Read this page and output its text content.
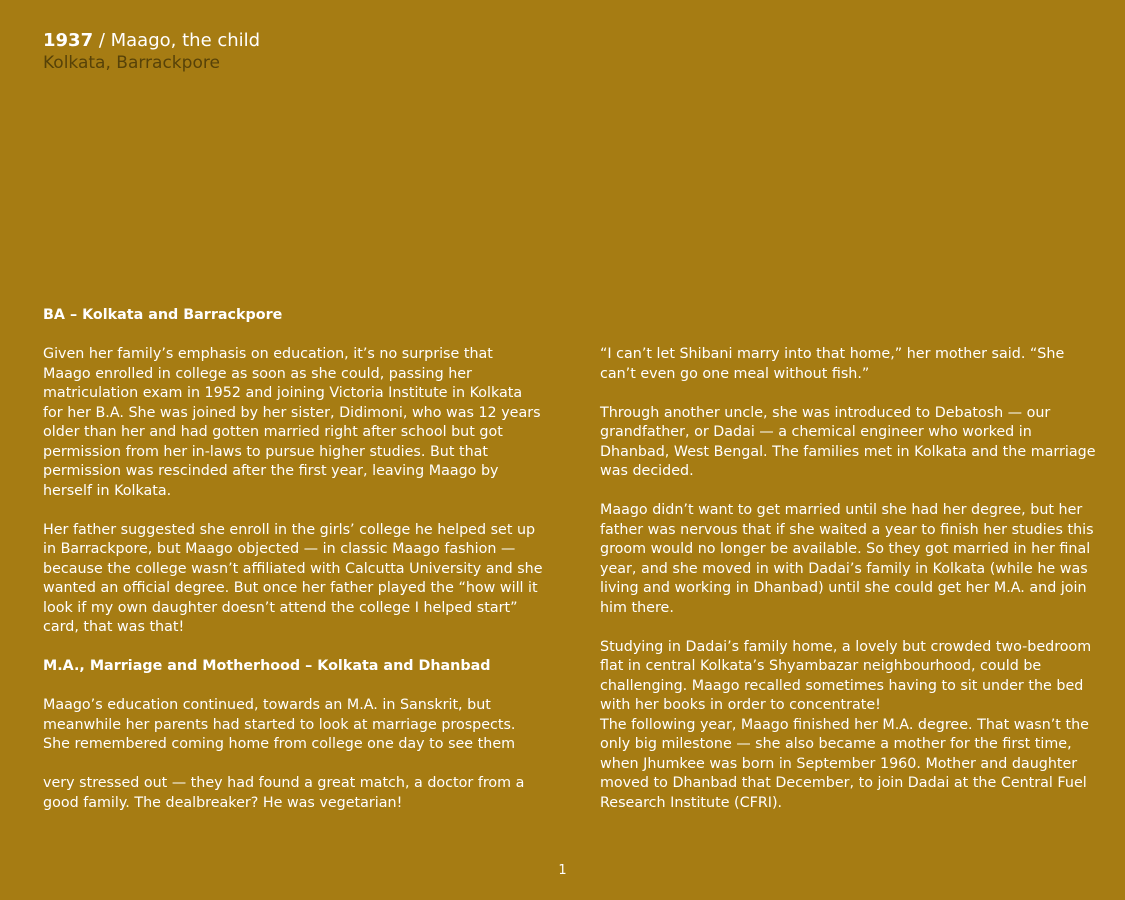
1937 / Maago, the child
Kolkata, Barrackpore
BA – Kolkata and Barrackpore

Given her family’s emphasis on education, it’s no surprise that Maago enrolled in college as soon as she could, passing her matriculation exam in 1952 and joining Victoria Institute in Kolkata for her B.A. She was joined by her sister, Didimoni, who was 12 years older than her and had gotten married right after school but got permission from her in-laws to pursue higher studies. But that permission was rescinded after the first year, leaving Maago by herself in Kolkata.

Her father suggested she enroll in the girls’ college he helped set up in Barrackpore, but Maago objected — in classic Maago fashion — because the college wasn’t affiliated with Calcutta University and she wanted an official degree. But once her father played the “how will it look if my own daughter doesn’t attend the college I helped start” card, that was that!

M.A., Marriage and Motherhood – Kolkata and Dhanbad

Maago’s education continued, towards an M.A. in Sanskrit, but meanwhile her parents had started to look at marriage prospects. She remembered coming home from college one day to see them

very stressed out — they had found a great match, a doctor from a good family. The dealbreaker? He was vegetarian!

“I can’t let Shibani marry into that home,” her mother said. “She can’t even go one meal without fish.”

Through another uncle, she was introduced to Debatosh — our grandfather, or Dadai — a chemical engineer who worked in Dhanbad, West Bengal. The families met in Kolkata and the marriage was decided.

Maago didn’t want to get married until she had her degree, but her father was nervous that if she waited a year to finish her studies this groom would no longer be available. So they got married in her final year, and she moved in with Dadai’s family in Kolkata (while he was living and working in Dhanbad) until she could get her M.A. and join him there.

Studying in Dadai’s family home, a lovely but crowded two-bedroom flat in central Kolkata’s Shyambazar neighbourhood, could be challenging. Maago recalled sometimes having to sit under the bed with her books in order to concentrate!

The following year, Maago finished her M.A. degree. That wasn’t the only big milestone — she also became a mother for the first time, when Jhumkee was born in September 1960. Mother and daughter moved to Dhanbad that December, to join Dadai at the Central Fuel Research Institute (CFRI).

1
